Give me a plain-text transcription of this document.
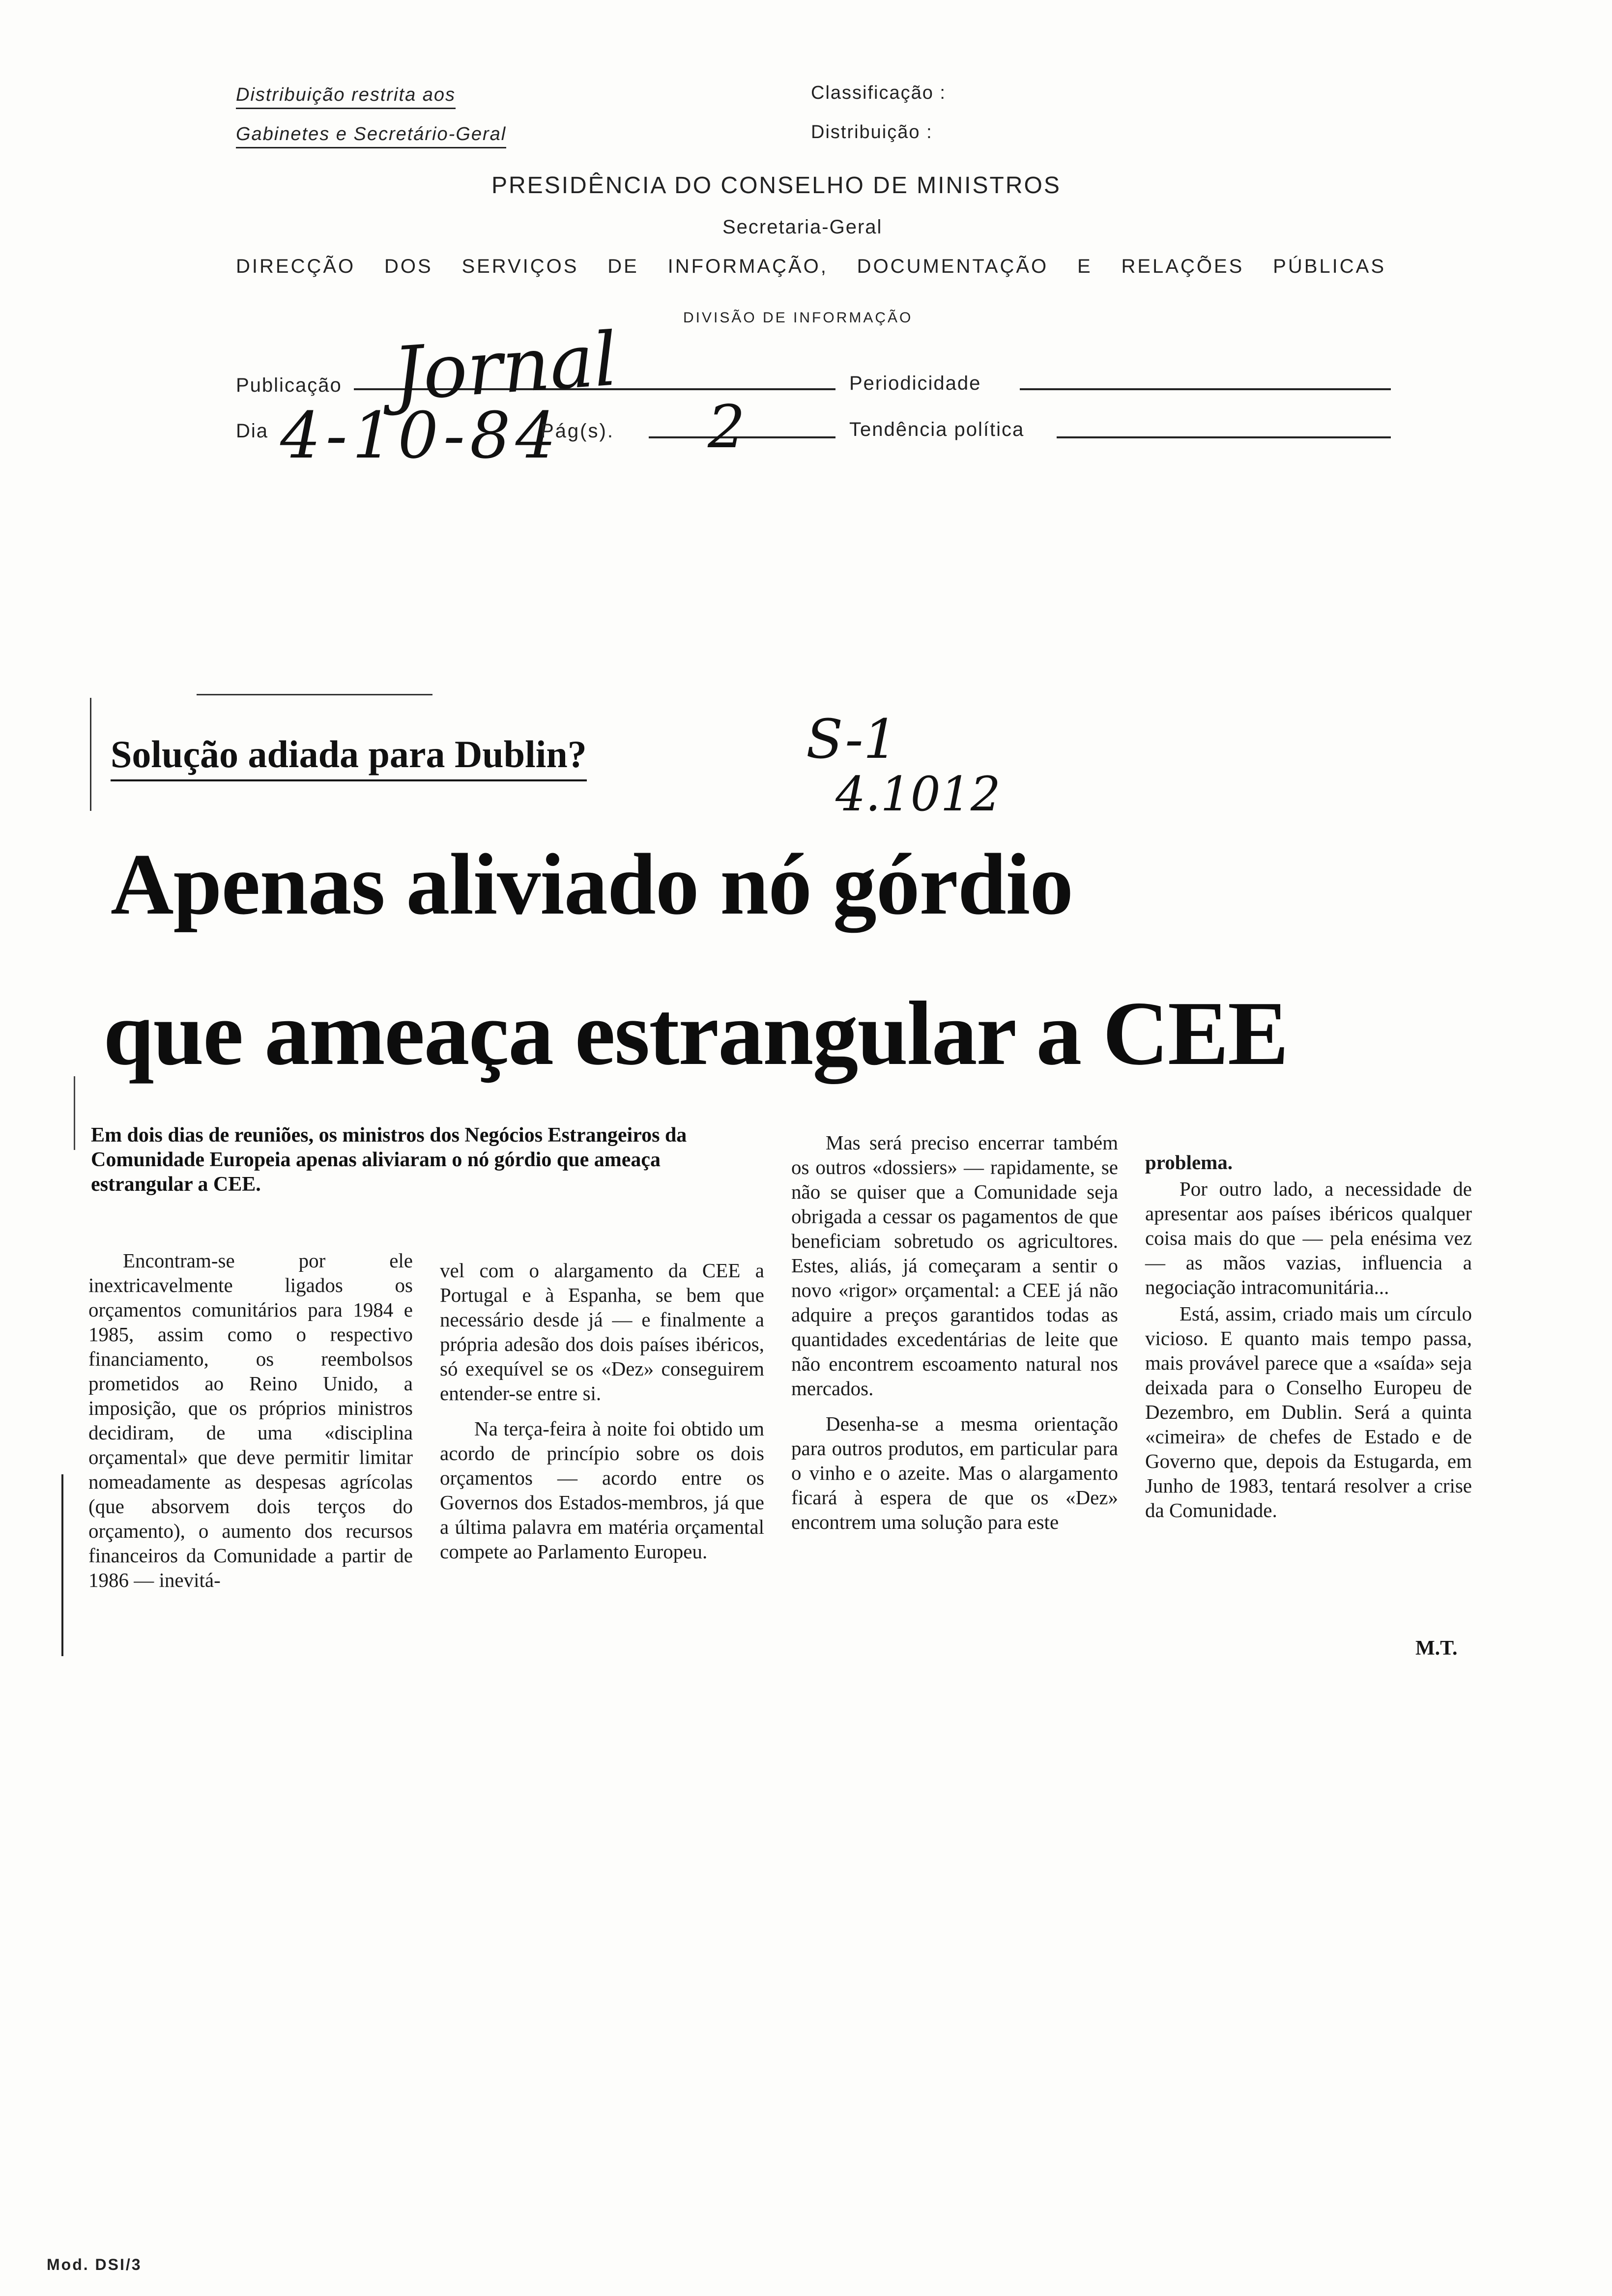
Distribuição restrita aos
Gabinetes e Secretário-Geral
Classificação :
Distribuição :
PRESIDÊNCIA DO CONSELHO DE MINISTROS
Secretaria-Geral
DIRECÇÃO DOS SERVIÇOS DE INFORMAÇÃO, DOCUMENTAÇÃO E RELAÇÕES PÚBLICAS
DIVISÃO DE INFORMAÇÃO
Publicação Jornal	Periodicidade
Dia 4-10-84
Pág(s). 2	Tendência política
Solução adiada para Dublin?	S-1
4.1012
Apenas aliviado nó górdio
que ameaça estrangular a CEE
Em dois dias de reuniões, os ministros dos Negócios Estrangeiros da Comunidade Europeia apenas aliviaram o nó górdio que ameaça estrangular a CEE.

Encontram-se por ele inextricavelmente ligados os orçamentos comunitários para 1984 e 1985, assim como o respectivo financiamento, os reembolsos prometidos ao Reino Unido, a imposição, que os próprios ministros decidiram, de uma «disciplina orçamental» que deve permitir limitar nomeadamente as despesas agrícolas (que absorvem dois terços do orçamento), o aumento dos recursos financeiros da Comunidade a partir de 1986 — inevitá-

vel com o alargamento da CEE a Portugal e à Espanha, se bem que necessário desde já — e finalmente a própria adesão dos dois países ibéricos, só exequível se os «Dez» conseguirem entender-se entre si.

Na terça-feira à noite foi obtido um acordo de princípio sobre os dois orçamentos — acordo entre os Governos dos Estados-membros, já que a última palavra em matéria orçamental compete ao Parlamento Europeu.

Mas será preciso encerrar também os outros «dossiers» — rapidamente, se não se quiser que a Comunidade seja obrigada a cessar os pagamentos de que beneficiam sobretudo os agricultores. Estes, aliás, já começaram a sentir o novo «rigor» orçamental: a CEE já não adquire a preços garantidos todas as quantidades excedentárias de leite que não encontrem escoamento natural nos mercados.

Desenha-se a mesma orientação para outros produtos, em particular para o vinho e o azeite. Mas o alargamento ficará à espera de que os «Dez» encontrem uma solução para este

problema.

Por outro lado, a necessidade de apresentar aos países ibéricos qualquer coisa mais do que — pela enésima vez — as mãos vazias, influencia a negociação intracomunitária...

Está, assim, criado mais um círculo vicioso. E quanto mais tempo passa, mais provável parece que a «saída» seja deixada para o Conselho Europeu de Dezembro, em Dublin. Será a quinta «cimeira» de chefes de Estado e de Governo que, depois da Estugarda, em Junho de 1983, tentará resolver a crise da Comunidade.

M.T.
Mod. DSI/3
